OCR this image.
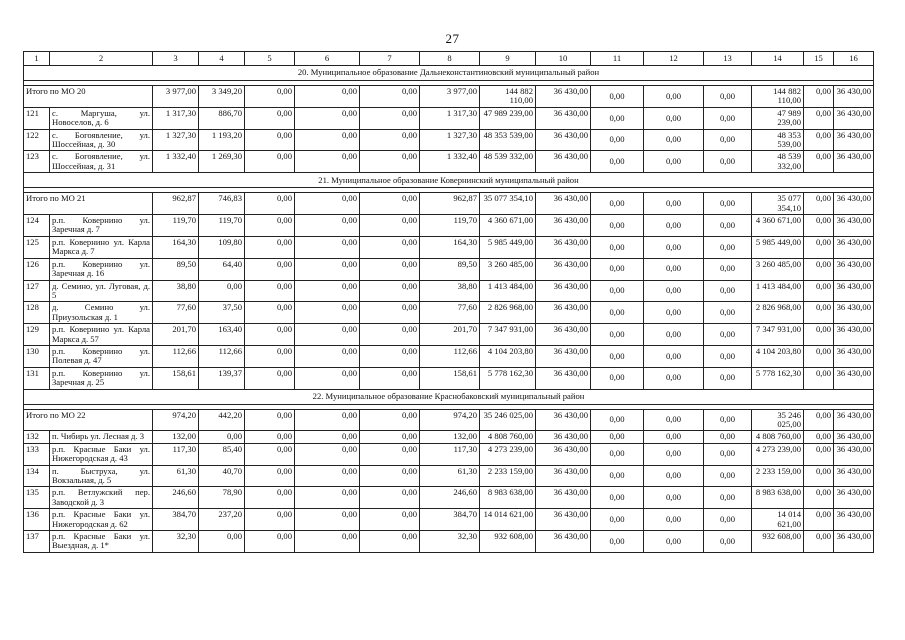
27
1	2	3	4	5	6	7	8	9	10	11	12	13	14	15	16
20. Муниципальное образование Дальнеконстантиновский муниципальный район															

Итого по МО 20		3 977,00	3 349,20	0,00	0,00	0,00	3 977,00	144 882 110,00	36 430,00	0,00	0,00	0,00	144 882 110,00	0,00	36 430,00
121	с. Маргуша, ул. Новоселов, д. 6	1 317,30	886,70	0,00	0,00	0,00	1 317,30	47 989 239,00	36 430,00	0,00	0,00	0,00	47 989 239,00	0,00	36 430,00
122	с. Богоявление, ул. Шоссейная, д. 30	1 327,30	1 193,20	0,00	0,00	0,00	1 327,30	48 353 539,00	36 430,00	0,00	0,00	0,00	48 353 539,00	0,00	36 430,00
123	с. Богоявление, ул. Шоссейная, д. 31	1 332,40	1 269,30	0,00	0,00	0,00	1 332,40	48 539 332,00	36 430,00	0,00	0,00	0,00	48 539 332,00	0,00	36 430,00
21. Муниципальное образование Ковернинский муниципальный район															

Итого по МО 21		962,87	746,83	0,00	0,00	0,00	962,87	35 077 354,10	36 430,00	0,00	0,00	0,00	35 077 354,10	0,00	36 430,00
124	р.п. Ковернино ул. Заречная д. 7	119,70	119,70	0,00	0,00	0,00	119,70	4 360 671,00	36 430,00	0,00	0,00	0,00	4 360 671,00	0,00	36 430,00
125	р.п. Ковернино ул. Карла Маркса д. 7	164,30	109,80	0,00	0,00	0,00	164,30	5 985 449,00	36 430,00	0,00	0,00	0,00	5 985 449,00	0,00	36 430,00
126	р.п. Ковернино ул. Заречная д. 16	89,50	64,40	0,00	0,00	0,00	89,50	3 260 485,00	36 430,00	0,00	0,00	0,00	3 260 485,00	0,00	36 430,00
127	д. Семино, ул. Луговая, д. 5	38,80	0,00	0,00	0,00	0,00	38,80	1 413 484,00	36 430,00	0,00	0,00	0,00	1 413 484,00	0,00	36 430,00
128	д. Семино ул. Приузольская д. 1	77,60	37,50	0,00	0,00	0,00	77,60	2 826 968,00	36 430,00	0,00	0,00	0,00	2 826 968,00	0,00	36 430,00
129	р.п. Ковернино ул. Карла Маркса д. 57	201,70	163,40	0,00	0,00	0,00	201,70	7 347 931,00	36 430,00	0,00	0,00	0,00	7 347 931,00	0,00	36 430,00
130	р.п. Ковернино ул. Полевая д. 47	112,66	112,66	0,00	0,00	0,00	112,66	4 104 203,80	36 430,00	0,00	0,00	0,00	4 104 203,80	0,00	36 430,00
131	р.п. Ковернино ул. Заречная д. 25	158,61	139,37	0,00	0,00	0,00	158,61	5 778 162,30	36 430,00	0,00	0,00	0,00	5 778 162,30	0,00	36 430,00
22. Муниципальное образование Краснобаковский муниципальный район															

Итого по МО 22		974,20	442,20	0,00	0,00	0,00	974,20	35 246 025,00	36 430,00	0,00	0,00	0,00	35 246 025,00	0,00	36 430,00
132	п. Чибирь ул. Лесная д. 3	132,00	0,00	0,00	0,00	0,00	132,00	4 808 760,00	36 430,00	0,00	0,00	0,00	4 808 760,00	0,00	36 430,00
133	р.п. Красные Баки ул. Нижегородская д. 43	117,30	85,40	0,00	0,00	0,00	117,30	4 273 239,00	36 430,00	0,00	0,00	0,00	4 273 239,00	0,00	36 430,00
134	п. Быструха, ул. Вокзальная, д. 5	61,30	40,70	0,00	0,00	0,00	61,30	2 233 159,00	36 430,00	0,00	0,00	0,00	2 233 159,00	0,00	36 430,00
135	р.п. Ветлужский пер. Заводской д. 3	246,60	78,90	0,00	0,00	0,00	246,60	8 983 638,00	36 430,00	0,00	0,00	0,00	8 983 638,00	0,00	36 430,00
136	р.п. Красные Баки ул. Нижегородская д. 62	384,70	237,20	0,00	0,00	0,00	384,70	14 014 621,00	36 430,00	0,00	0,00	0,00	14 014 621,00	0,00	36 430,00
137	р.п. Красные Баки ул. Выездная, д. 1*	32,30	0,00	0,00	0,00	0,00	32,30	932 608,00	36 430,00	0,00	0,00	0,00	932 608,00	0,00	36 430,00
